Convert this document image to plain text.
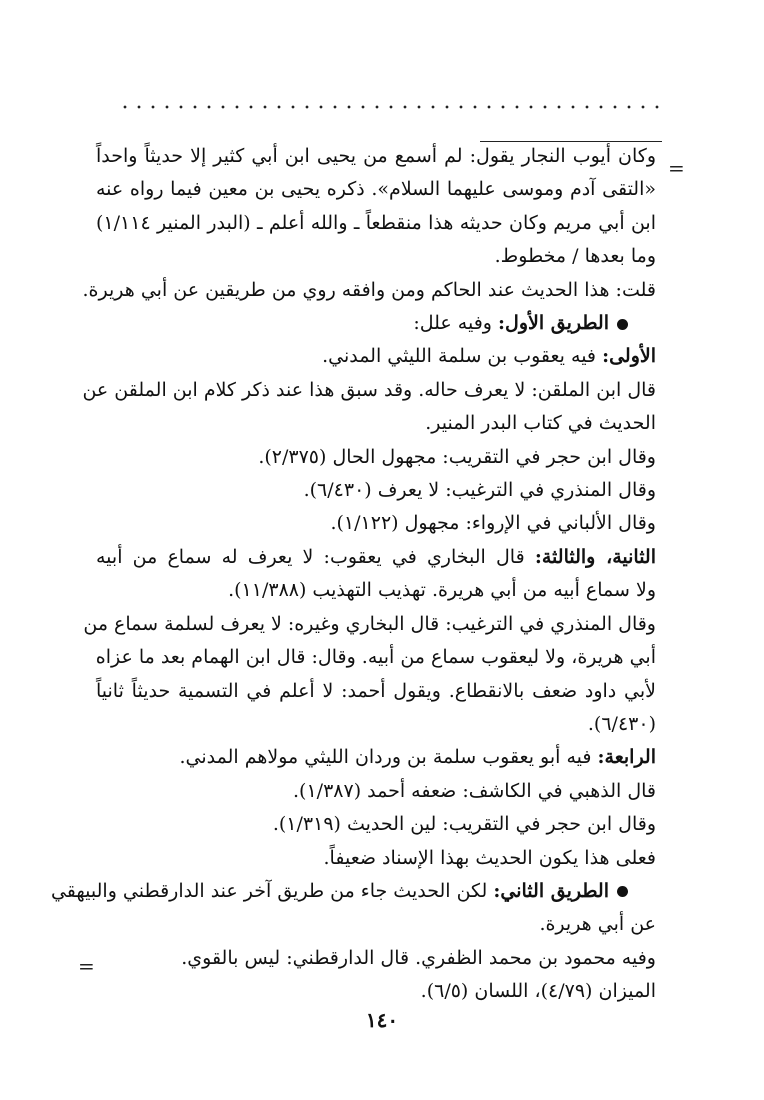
=
=
وكان أيوب النجار يقول: لم أسمع من يحيى ابن أبي كثير إلا حديثاً واحداً
«التقى آدم وموسى عليهما السلام». ذكره يحيى بن معين فيما رواه عنه
ابن أبي مريم وكان حديثه هذا منقطعاً ـ والله أعلم ـ (البدر المنير ١/١١٤)
وما بعدها / مخطوط.
قلت: هذا الحديث عند الحاكم ومن وافقه روي من طريقين عن أبي هريرة.
الطريق الأول: وفيه علل:
الأولى: فيه يعقوب بن سلمة الليثي المدني.
قال ابن الملقن: لا يعرف حاله. وقد سبق هذا عند ذكر كلام ابن الملقن عن
الحديث في كتاب البدر المنير.
وقال ابن حجر في التقريب: مجهول الحال (٢/٣٧٥).
وقال المنذري في الترغيب: لا يعرف (٦/٤٣٠).
وقال الألباني في الإرواء: مجهول (١/١٢٢).
الثانية، والثالثة: قال البخاري في يعقوب: لا يعرف له سماع من أبيه
ولا سماع أبيه من أبي هريرة. تهذيب التهذيب (١١/٣٨٨).
وقال المنذري في الترغيب: قال البخاري وغيره: لا يعرف لسلمة سماع من
أبي هريرة، ولا ليعقوب سماع من أبيه. وقال: قال ابن الهمام بعد ما عزاه
لأبي داود ضعف بالانقطاع. ويقول أحمد: لا أعلم في التسمية حديثاً ثانياً
(٦/٤٣٠).
الرابعة: فيه أبو يعقوب سلمة بن وردان الليثي مولاهم المدني.
قال الذهبي في الكاشف: ضعفه أحمد (١/٣٨٧).
وقال ابن حجر في التقريب: لين الحديث (١/٣١٩).
فعلى هذا يكون الحديث بهذا الإسناد ضعيفاً.
الطريق الثاني: لكن الحديث جاء من طريق آخر عند الدارقطني والبيهقي
عن أبي هريرة.
وفيه محمود بن محمد الظفري. قال الدارقطني: ليس بالقوي.
الميزان (٤/٧٩)، اللسان (٦/٥).
١٤٠
